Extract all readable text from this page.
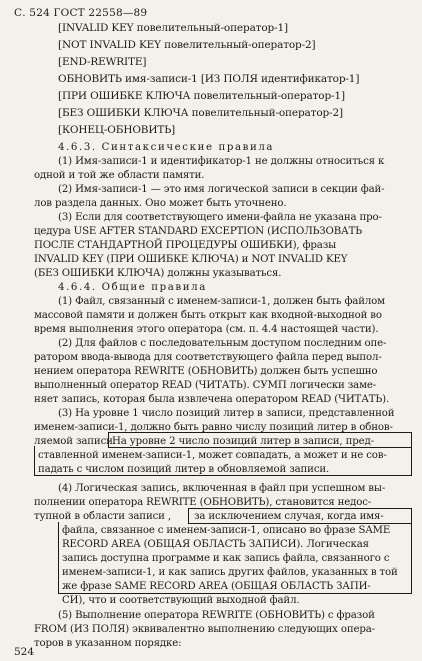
С. 524 ГОСТ 22558—89
[INVALID KEY повелительный-оператор-1]
[NOT INVALID KEY повелительный-оператор-2]
[END-REWRITE]
ОБНОВИТЬ имя-записи-1 [ИЗ ПОЛЯ идентификатор-1]
[ПРИ ОШИБКЕ КЛЮЧА повелительный-оператор-1]
[БЕЗ ОШИБКИ КЛЮЧА повелительный-оператор-2]
[КОНЕЦ-ОБНОВИТЬ]
4.6.3. Синтаксические правила
(1) Имя-записи-1 и идентификатор-1 не должны относиться к
одной и той же области памяти.
(2) Имя-записи-1 — это имя логической записи в секции фай-
лов раздела данных. Оно может быть уточнено.
(3) Если для соответствующего имени-файла не указана про-
цедура USE AFTER STANDARD EXCEPTION (ИСПОЛЬЗОВАТЬ
ПОСЛЕ СТАНДАРТНОЙ ПРОЦЕДУРЫ ОШИБКИ), фразы
INVALID KEY (ПРИ ОШИБКЕ КЛЮЧА) и NOT INVALID KEY
(БЕЗ ОШИБКИ КЛЮЧА) должны указываться.
4.6.4. Общие правила
(1) Файл, связанный с именем-записи-1, должен быть файлом
массовой памяти и должен быть открыт как входной-выходной во
время выполнения этого оператора (см. п. 4.4 настоящей части).
(2) Для файлов с последовательным доступом последним опе-
ратором ввода-вывода для соответствующего файла перед выпол-
нением оператора REWRITE (ОБНОВИТЬ) должен быть успешно
выполненный оператор READ (ЧИТАТЬ). СУМП логически заме-
няет запись, которая была извлечена оператором READ (ЧИТАТЬ).
(3) На уровне 1 число позиций литер в записи, представленной
именем-записи-1, должно быть равно числу позиций литер в обнов-
ляемой записи.
На уровне 2 число позиций литер в записи, пред-
ставленной именем-записи-1, может совпадать, а может и не сов-
падать с числом позиций литер в обновляемой записи.
(4) Логическая запись, включенная в файл при успешном вы-
полнении оператора REWRITE (ОБНОВИТЬ), становится недос-
тупной в области записи , за исключением случая, когда имя-
файла, связанное с именем-записи-1, описано во фразе SAME
RECORD AREA (ОБЩАЯ ОБЛАСТЬ ЗАПИСИ). Логическая
запись доступна программе и как запись файла, связанного с
именем-записи-1, и как запись других файлов, указанных в той
же фразе SAME RECORD AREA (ОБЩАЯ ОБЛАСТЬ ЗАПИ-
СИ), что и соответствующий выходной файл.
(5) Выполнение оператора REWRITE (ОБНОВИТЬ) с фразой
FROM (ИЗ ПОЛЯ) эквивалентно выполнению следующих опера-
торов в указанном порядке:
524
